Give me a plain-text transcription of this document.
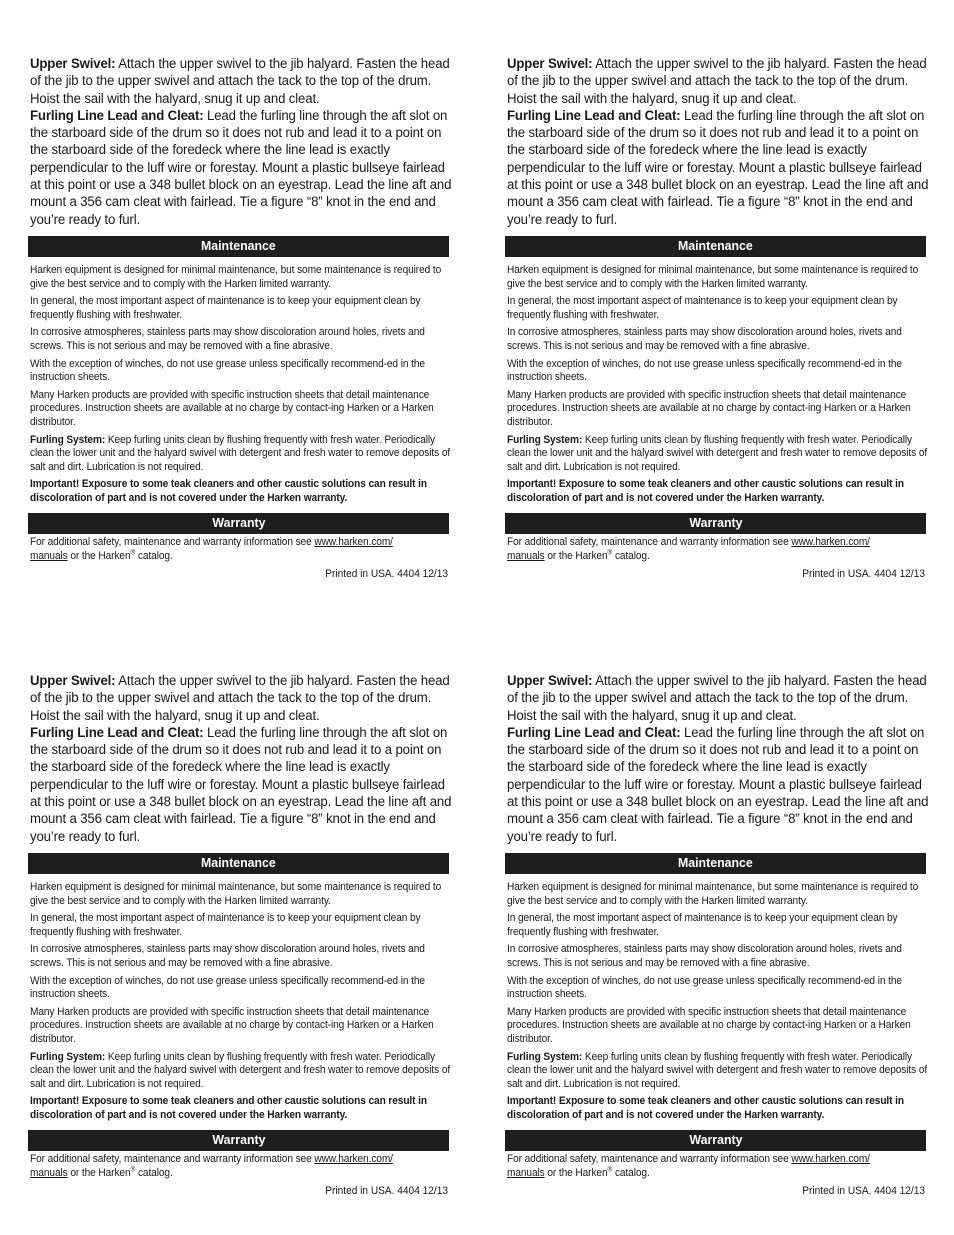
Upper Swivel: Attach the upper swivel to the jib halyard. Fasten the head of the jib to the upper swivel and attach the tack to the top of the drum. Hoist the sail with the halyard, snug it up and cleat.

Furling Line Lead and Cleat: Lead the furling line through the aft slot on the starboard side of the drum so it does not rub and lead it to a point on the starboard side of the foredeck where the line lead is exactly perpendicular to the luff wire or forestay. Mount a plastic bullseye fairlead at this point or use a 348 bullet block on an eyestrap. Lead the line aft and mount a 356 cam cleat with fairlead. Tie a figure “8” knot in the end and you’re ready to furl.

Maintenance

Harken equipment is designed for minimal maintenance, but some maintenance is required to give the best service and to comply with the Harken limited warranty.

In general, the most important aspect of maintenance is to keep your equipment clean by frequently flushing with freshwater.

In corrosive atmospheres, stainless parts may show discoloration around holes, rivets and screws. This is not serious and may be removed with a fine abrasive.

With the exception of winches, do not use grease unless specifically recommend-ed in the instruction sheets.

Many Harken products are provided with specific instruction sheets that detail maintenance procedures. Instruction sheets are available at no charge by contact-ing Harken or a Harken distributor.

Furling System: Keep furling units clean by flushing frequently with fresh water. Periodically clean the lower unit and the halyard swivel with detergent and fresh water to remove deposits of salt and dirt. Lubrication is not required.

Important! Exposure to some teak cleaners and other caustic solutions can result in discoloration of part and is not covered under the Harken warranty.

Warranty
For additional safety, maintenance and warranty information see www.harken.com/
manuals or the Harken® catalog.
Printed in USA. 4404 12/13

Upper Swivel: Attach the upper swivel to the jib halyard. Fasten the head of the jib to the upper swivel and attach the tack to the top of the drum. Hoist the sail with the halyard, snug it up and cleat.

Furling Line Lead and Cleat: Lead the furling line through the aft slot on the starboard side of the drum so it does not rub and lead it to a point on the starboard side of the foredeck where the line lead is exactly perpendicular to the luff wire or forestay. Mount a plastic bullseye fairlead at this point or use a 348 bullet block on an eyestrap. Lead the line aft and mount a 356 cam cleat with fairlead. Tie a figure “8” knot in the end and you’re ready to furl.

Maintenance

Harken equipment is designed for minimal maintenance, but some maintenance is required to give the best service and to comply with the Harken limited warranty.

In general, the most important aspect of maintenance is to keep your equipment clean by frequently flushing with freshwater.

In corrosive atmospheres, stainless parts may show discoloration around holes, rivets and screws. This is not serious and may be removed with a fine abrasive.

With the exception of winches, do not use grease unless specifically recommend-ed in the instruction sheets.

Many Harken products are provided with specific instruction sheets that detail maintenance procedures. Instruction sheets are available at no charge by contact-ing Harken or a Harken distributor.

Furling System: Keep furling units clean by flushing frequently with fresh water. Periodically clean the lower unit and the halyard swivel with detergent and fresh water to remove deposits of salt and dirt. Lubrication is not required.

Important! Exposure to some teak cleaners and other caustic solutions can result in discoloration of part and is not covered under the Harken warranty.

Warranty
For additional safety, maintenance and warranty information see www.harken.com/
manuals or the Harken® catalog.
Printed in USA. 4404 12/13

Upper Swivel: Attach the upper swivel to the jib halyard. Fasten the head of the jib to the upper swivel and attach the tack to the top of the drum. Hoist the sail with the halyard, snug it up and cleat.

Furling Line Lead and Cleat: Lead the furling line through the aft slot on the starboard side of the drum so it does not rub and lead it to a point on the starboard side of the foredeck where the line lead is exactly perpendicular to the luff wire or forestay. Mount a plastic bullseye fairlead at this point or use a 348 bullet block on an eyestrap. Lead the line aft and mount a 356 cam cleat with fairlead. Tie a figure “8” knot in the end and you’re ready to furl.

Maintenance

Harken equipment is designed for minimal maintenance, but some maintenance is required to give the best service and to comply with the Harken limited warranty.

In general, the most important aspect of maintenance is to keep your equipment clean by frequently flushing with freshwater.

In corrosive atmospheres, stainless parts may show discoloration around holes, rivets and screws. This is not serious and may be removed with a fine abrasive.

With the exception of winches, do not use grease unless specifically recommend-ed in the instruction sheets.

Many Harken products are provided with specific instruction sheets that detail maintenance procedures. Instruction sheets are available at no charge by contact-ing Harken or a Harken distributor.

Furling System: Keep furling units clean by flushing frequently with fresh water. Periodically clean the lower unit and the halyard swivel with detergent and fresh water to remove deposits of salt and dirt. Lubrication is not required.

Important! Exposure to some teak cleaners and other caustic solutions can result in discoloration of part and is not covered under the Harken warranty.

Warranty
For additional safety, maintenance and warranty information see www.harken.com/
manuals or the Harken® catalog.
Printed in USA. 4404 12/13

Upper Swivel: Attach the upper swivel to the jib halyard. Fasten the head of the jib to the upper swivel and attach the tack to the top of the drum. Hoist the sail with the halyard, snug it up and cleat.

Furling Line Lead and Cleat: Lead the furling line through the aft slot on the starboard side of the drum so it does not rub and lead it to a point on the starboard side of the foredeck where the line lead is exactly perpendicular to the luff wire or forestay. Mount a plastic bullseye fairlead at this point or use a 348 bullet block on an eyestrap. Lead the line aft and mount a 356 cam cleat with fairlead. Tie a figure “8” knot in the end and you’re ready to furl.

Maintenance

Harken equipment is designed for minimal maintenance, but some maintenance is required to give the best service and to comply with the Harken limited warranty.

In general, the most important aspect of maintenance is to keep your equipment clean by frequently flushing with freshwater.

In corrosive atmospheres, stainless parts may show discoloration around holes, rivets and screws. This is not serious and may be removed with a fine abrasive.

With the exception of winches, do not use grease unless specifically recommend-ed in the instruction sheets.

Many Harken products are provided with specific instruction sheets that detail maintenance procedures. Instruction sheets are available at no charge by contact-ing Harken or a Harken distributor.

Furling System: Keep furling units clean by flushing frequently with fresh water. Periodically clean the lower unit and the halyard swivel with detergent and fresh water to remove deposits of salt and dirt. Lubrication is not required.

Important! Exposure to some teak cleaners and other caustic solutions can result in discoloration of part and is not covered under the Harken warranty.

Warranty
For additional safety, maintenance and warranty information see www.harken.com/
manuals or the Harken® catalog.
Printed in USA. 4404 12/13
